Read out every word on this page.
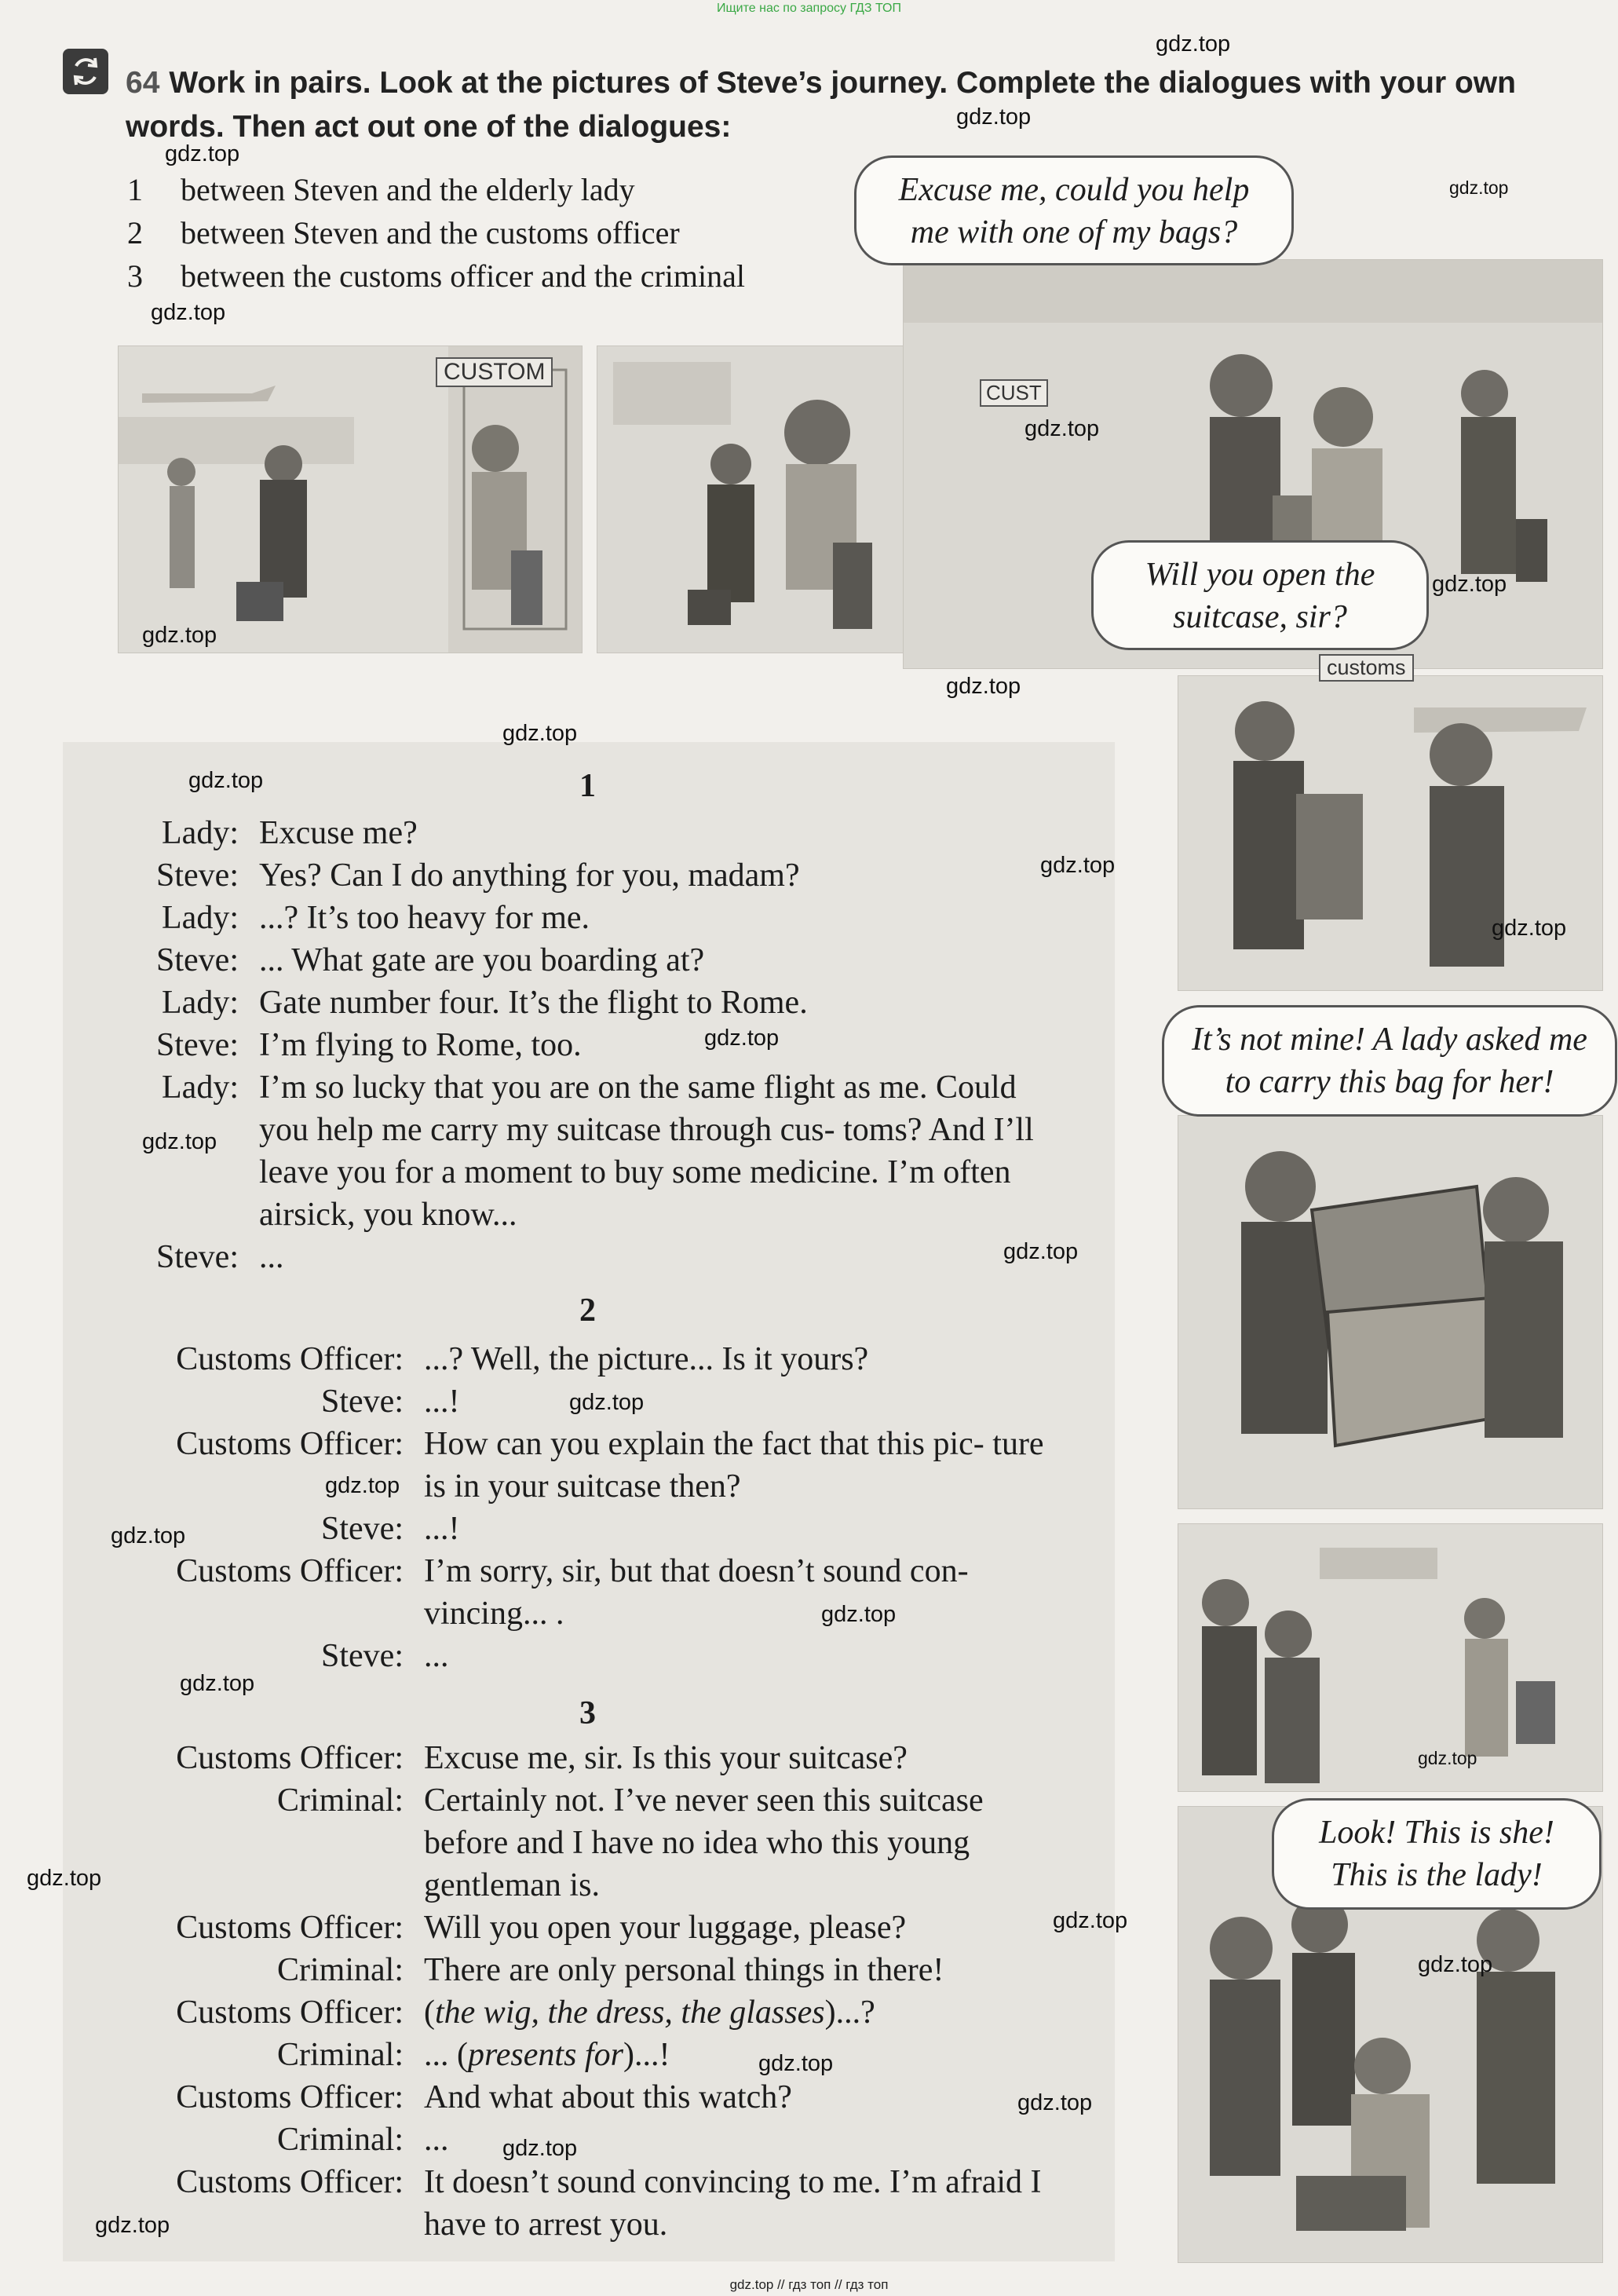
Ищите нас по запросу ГДЗ ТОП
64 Work in pairs. Look at the pictures of Steve’s journey. Complete the dialogues with your own words. Then act out one of the dialogues:
1	between Steven and the elderly lady
2	between Steven and the customs officer
3	between the customs officer and the criminal
CUSTOM
CUST
customs
Excuse me, could you help me with one of my bags?
Will you open the suitcase, sir?
It’s not mine! A lady asked me to carry this bag for her!
Look! This is she! This is the lady!
1
Lady: Excuse me?
Steve: Yes? Can I do anything for you, madam?
Lady: ...? It’s too heavy for me.
Steve: ... What gate are you boarding at?
Lady: Gate number four. It’s the flight to Rome.
Steve: I’m flying to Rome, too.
Lady: I’m so lucky that you are on the same flight as me. Could you help me carry my suitcase through cus- toms? And I’ll leave you for a moment to buy some medicine. I’m often airsick, you know...
Steve: ...
2
Customs Officer: ...? Well, the picture... Is it yours?
Steve: ...!
Customs Officer: How can you explain the fact that this pic- ture is in your suitcase then?
Steve: ...!
Customs Officer: I’m sorry, sir, but that doesn’t sound con- vincing... .
Steve: ...
3
Customs Officer: Excuse me, sir. Is this your suitcase?
Criminal: Certainly not. I’ve never seen this suitcase before and I have no idea who this young gentleman is.
Customs Officer: Will you open your luggage, please?
Criminal: There are only personal things in there!
Customs Officer: (the wig, the dress, the glasses)...?
Criminal: ... (presents for)...!
Customs Officer: And what about this watch?
Criminal: ...
Customs Officer: It doesn’t sound convincing to me. I’m afraid I have to arrest you.
gdz.top
gdz.top
gdz.top
gdz.top
gdz.top
gdz.top
gdz.top
gdz.top
gdz.top
gdz.top
gdz.top
gdz.top
gdz.top
gdz.top
gdz.top
gdz.top
gdz.top
gdz.top
gdz.top
gdz.top
gdz.top
gdz.top
gdz.top
gdz.top
gdz.top
gdz.top
gdz.top
gdz.top
gdz.top
gdz.top // гдз топ // гдз топ
